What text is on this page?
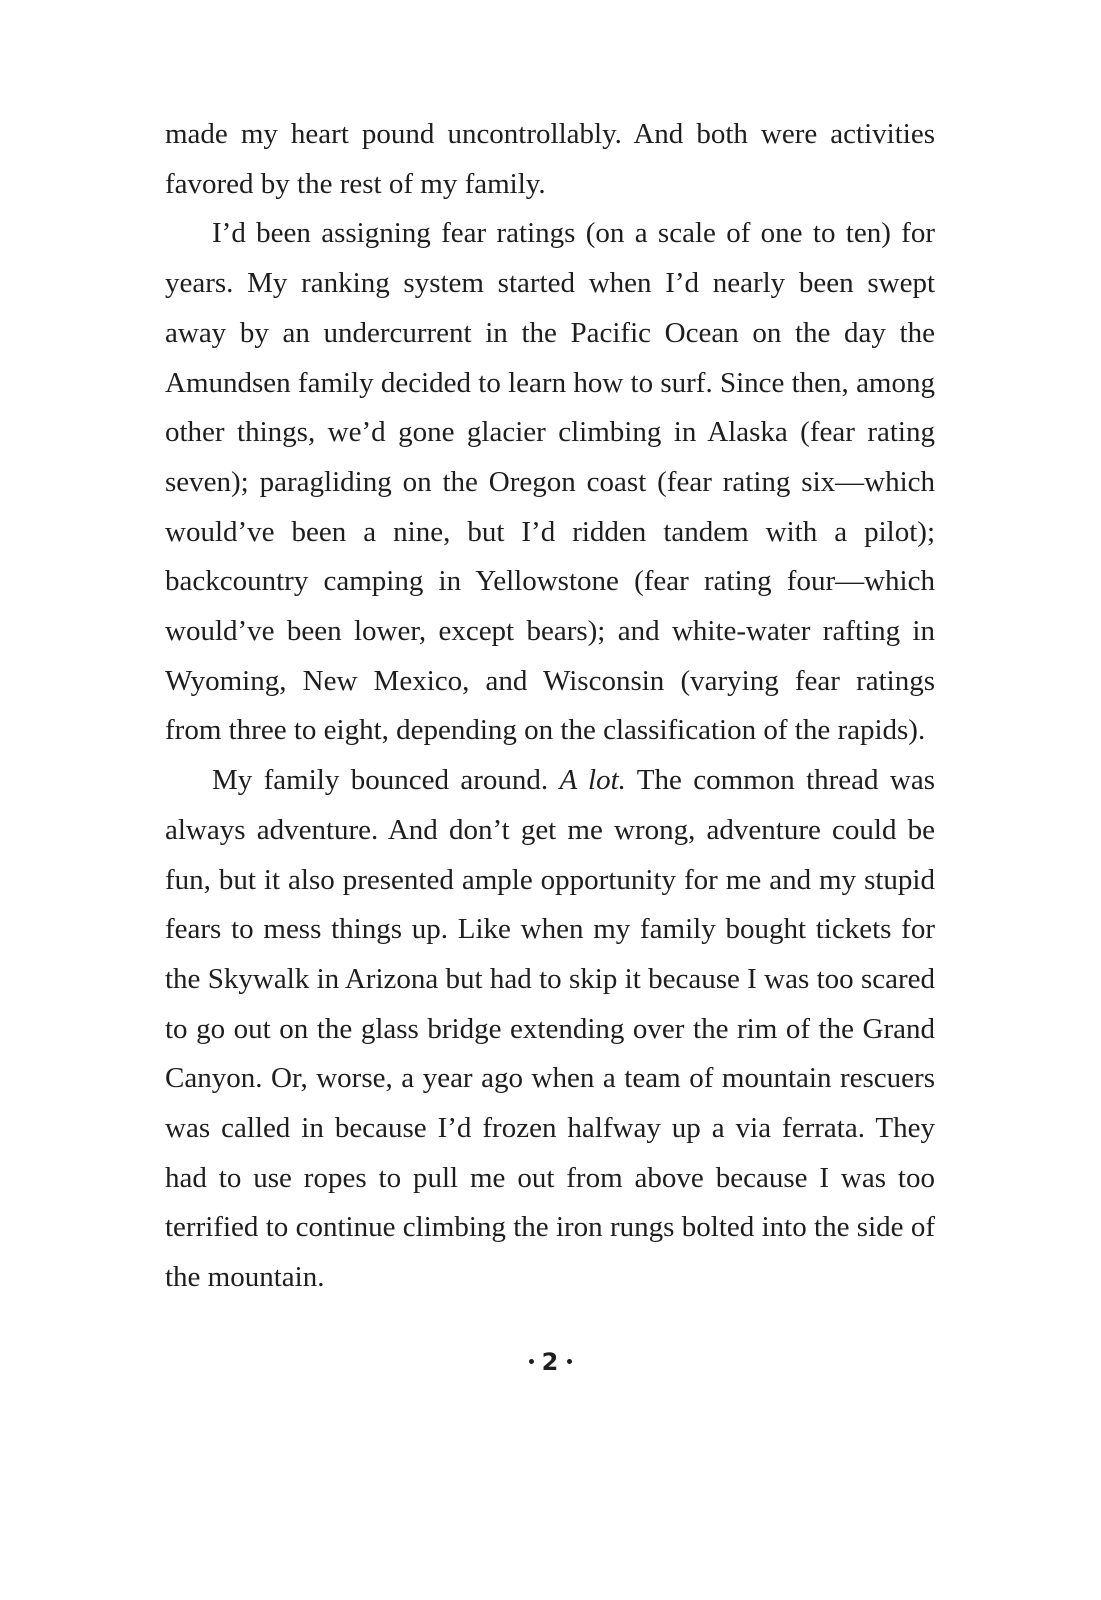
made my heart pound uncontrollably. And both were activities favored by the rest of my family.

I’d been assigning fear ratings (on a scale of one to ten) for years. My ranking system started when I’d nearly been swept away by an undercurrent in the Pacific Ocean on the day the Amundsen family decided to learn how to surf. Since then, among other things, we’d gone glacier climbing in Alaska (fear rating seven); paragliding on the Oregon coast (fear rating six—which would’ve been a nine, but I’d ridden tandem with a pilot); backcountry camping in Yellowstone (fear rating four—which would’ve been lower, except bears); and white-water rafting in Wyoming, New Mexico, and Wisconsin (varying fear ratings from three to eight, depending on the classification of the rapids).

My family bounced around. A lot. The common thread was always adventure. And don’t get me wrong, adventure could be fun, but it also presented ample opportunity for me and my stupid fears to mess things up. Like when my family bought tickets for the Skywalk in Arizona but had to skip it because I was too scared to go out on the glass bridge extending over the rim of the Grand Canyon. Or, worse, a year ago when a team of mountain rescuers was called in because I’d frozen halfway up a via ferrata. They had to use ropes to pull me out from above because I was too terrified to continue climbing the iron rungs bolted into the side of the mountain.

2
